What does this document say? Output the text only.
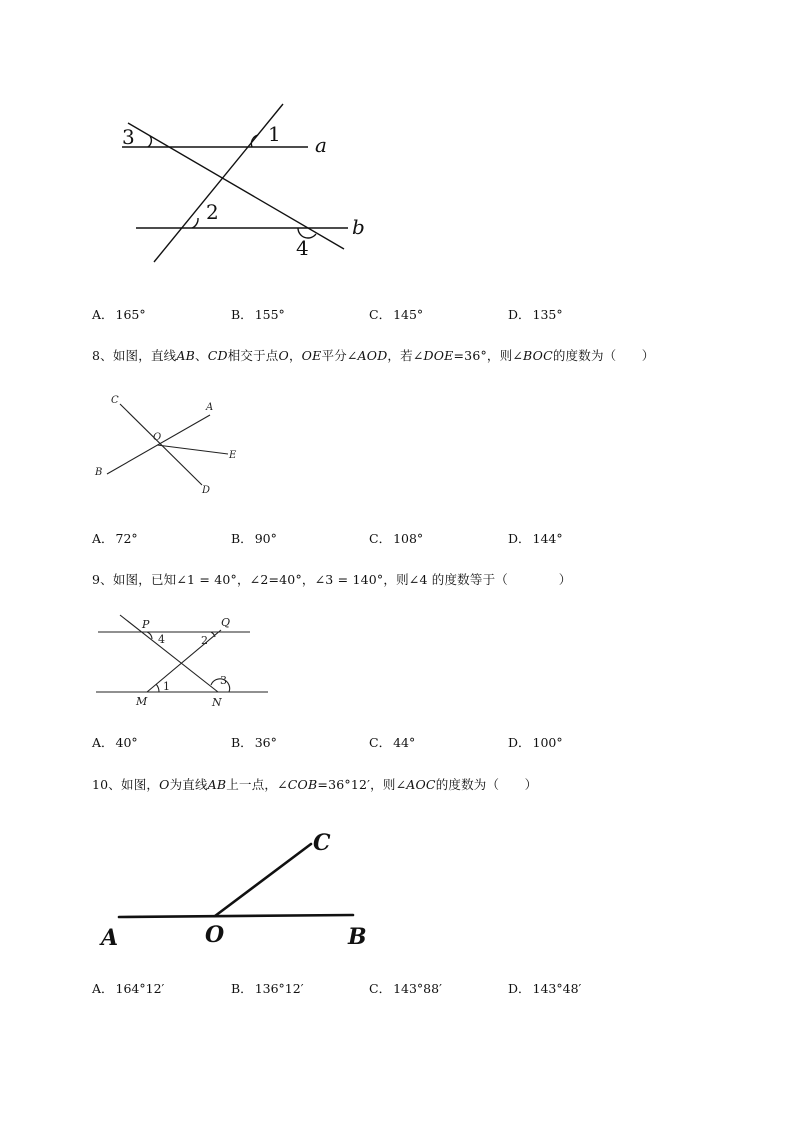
3	1 a
2
b
4
A． 165°	B． 155°	C． 145°	D． 135°
8、如图，直线AB、CD相交于点O，OE平分∠AOD，若∠DOE=36°，则∠BOC的度数为（　　）
C
A
O
E
B
D
A． 72°	B． 90°	C． 108°	D． 144°
9、如图，已知∠1 = 40°，∠2=40°，∠3 = 140°，则∠4 的度数等于（　　　　）
P
4	2
Q
1	3
M	N
A． 40°	B． 36°	C． 44°	D． 100°
10、如图，O为直线AB上一点，∠COB=36°12′，则∠AOC的度数为（　　）
C
A	O	B
A． 164°12′	B． 136°12′	C． 143°88′	D． 143°48′
